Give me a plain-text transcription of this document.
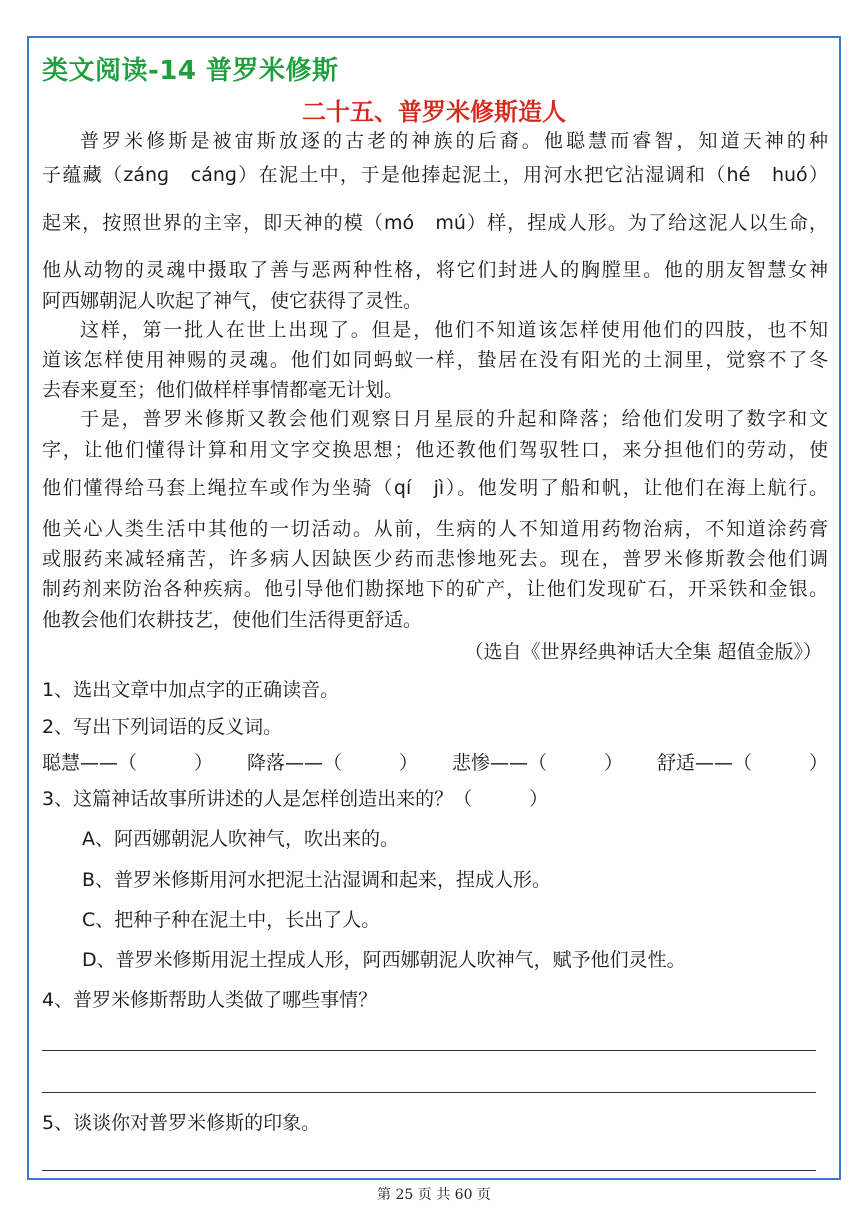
类文阅读-14 普罗米修斯
二十五、普罗米修斯造人
普罗米修斯是被宙斯放逐的古老的神族的后裔。他聪慧而睿智，知道天神的种
子蕴藏（zánɡ　cánɡ）在泥土中，于是他捧起泥土，用河水把它沾湿调和（hé　huó）
起来，按照世界的主宰，即天神的模（mó　mú）样，捏成人形。为了给这泥人以生命，
他从动物的灵魂中摄取了善与恶两种性格，将它们封进人的胸膛里。他的朋友智慧女神
阿西娜朝泥人吹起了神气，使它获得了灵性。
这样，第一批人在世上出现了。但是，他们不知道该怎样使用他们的四肢，也不知
道该怎样使用神赐的灵魂。他们如同蚂蚁一样，蛰居在没有阳光的土洞里，觉察不了冬
去春来夏至；他们做样样事情都毫无计划。
于是，普罗米修斯又教会他们观察日月星辰的升起和降落；给他们发明了数字和文
字，让他们懂得计算和用文字交换思想；他还教他们驾驭牲口，来分担他们的劳动，使
他们懂得给马套上绳拉车或作为坐骑（qí　jì）。他发明了船和帆，让他们在海上航行。
他关心人类生活中其他的一切活动。从前，生病的人不知道用药物治病，不知道涂药膏
或服药来减轻痛苦，许多病人因缺医少药而悲惨地死去。现在，普罗米修斯教会他们调
制药剂来防治各种疾病。他引导他们勘探地下的矿产，让他们发现矿石，开采铁和金银。
他教会他们农耕技艺，使他们生活得更舒适。
（选自《世界经典神话大全集 超值金版》）
1、选出文章中加点字的正确读音。
2、写出下列词语的反义词。
聪慧——（　　　） 降落——（　　　） 悲惨——（　　　） 舒适——（　　　）
3、这篇神话故事所讲述的人是怎样创造出来的？（　　　）
A、阿西娜朝泥人吹神气，吹出来的。
B、普罗米修斯用河水把泥土沾湿调和起来，捏成人形。
C、把种子种在泥土中，长出了人。
D、普罗米修斯用泥土捏成人形，阿西娜朝泥人吹神气，赋予他们灵性。
4、普罗米修斯帮助人类做了哪些事情？
5、谈谈你对普罗米修斯的印象。
第 25 页 共 60 页
